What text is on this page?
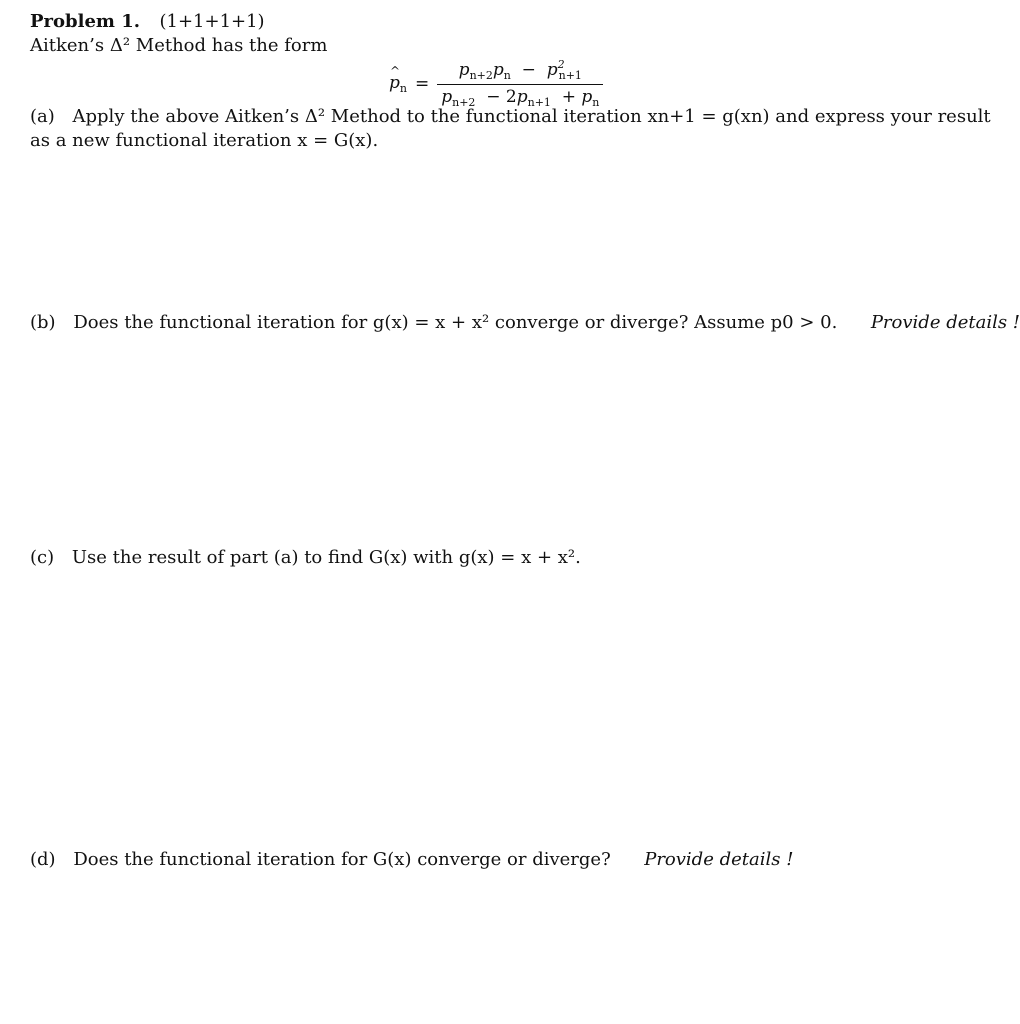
Problem 1. (1+1+1+1)
Aitken’s Δ² Method has the form
^ $p_n = \frac{p_{n+2}p_n - p^2_{n+1}}{p_{n+2} - 2p_{n+1} + p_n}$
(a) Apply the above Aitken’s Δ² Method to the functional iteration xn+1 = g(xn) and express your result
as a new functional iteration x = G(x).
(b) Does the functional iteration for g(x) = x + x² converge or diverge? Assume p0 > 0. Provide details !
(c) Use the result of part (a) to find G(x) with g(x) = x + x².
(d) Does the functional iteration for G(x) converge or diverge? Provide details !
